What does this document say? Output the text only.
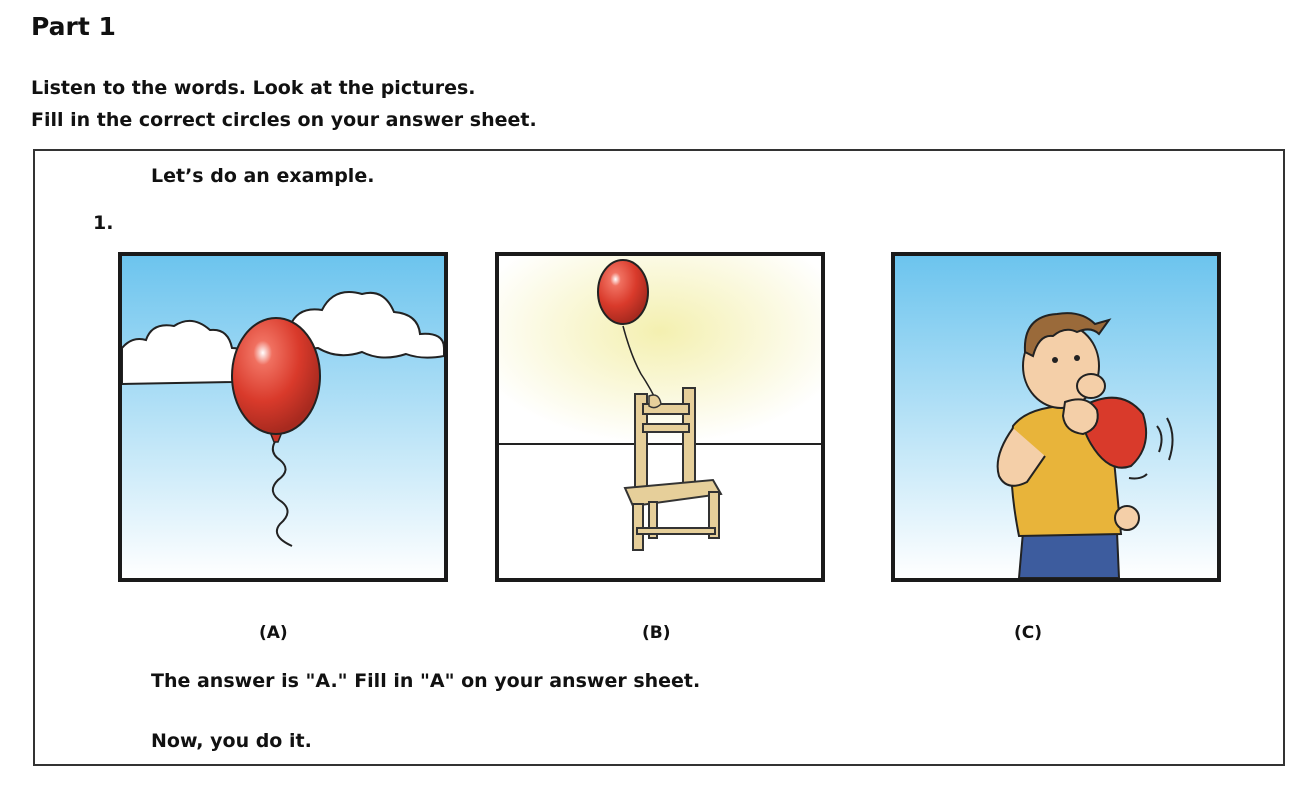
Part 1

Listen to the words. Look at the pictures.

Fill in the correct circles on your answer sheet.

Let’s do an example.

1.

(A)	(B)	(C)

The answer is "A." Fill in "A" on your answer sheet.

Now, you do it.
